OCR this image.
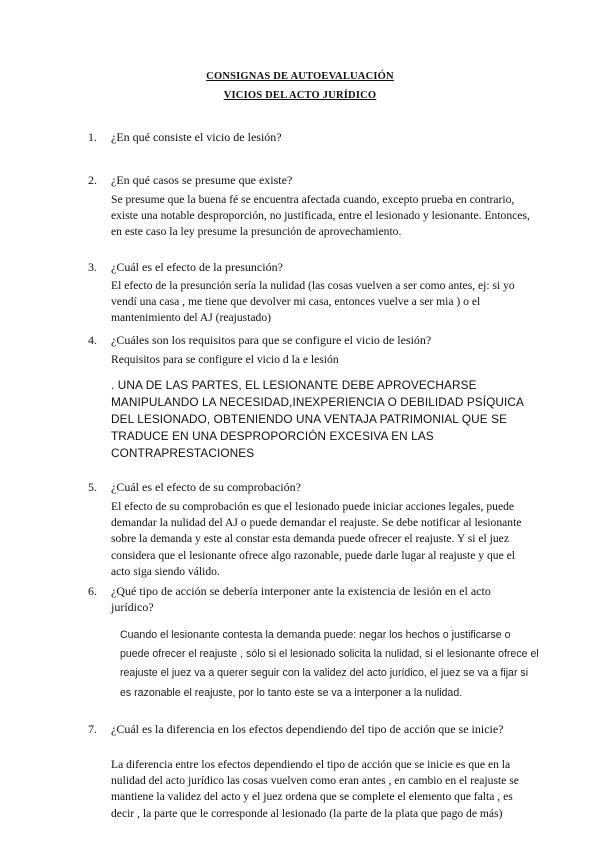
CONSIGNAS DE AUTOEVALUACIÓN
VICIOS DEL ACTO JURÍDICO
1.	¿En qué consiste el vicio de lesión?
2.	¿En qué casos se presume que existe?
Se presume que la buena fé se encuentra afectada cuando, excepto prueba en contrario, existe una notable desproporción, no justificada, entre el lesionado y lesionante. Entonces, en este caso la ley presume la presunción de aprovechamiento.
3.	¿Cuál es el efecto de la presunción?
El efecto de la presunción sería la nulidad (las cosas vuelven a ser como antes, ej: si yo vendí una casa , me tiene que devolver mi casa, entonces vuelve a ser mia ) o el mantenimiento del AJ (reajustado)
4.	¿Cuáles son los requisitos para que se configure el vicio de lesión?
Requisitos para se configure el vicio d la e lesión
. UNA DE LAS PARTES, EL LESIONANTE DEBE APROVECHARSE MANIPULANDO LA NECESIDAD,INEXPERIENCIA O DEBILIDAD PSÍQUICA DEL LESIONADO, OBTENIENDO UNA VENTAJA PATRIMONIAL QUE SE TRADUCE EN UNA DESPROPORCIÓN EXCESIVA EN LAS CONTRAPRESTACIONES
5.	¿Cuál es el efecto de su comprobación?
El efecto de su comprobación es que el lesionado puede iniciar acciones legales, puede demandar la nulidad del AJ o puede demandar el reajuste. Se debe notificar al lesionante sobre la demanda y este al constar esta demanda puede ofrecer el reajuste. Y si el juez considera que el lesionante ofrece algo razonable, puede darle lugar al reajuste y que el acto siga siendo válido.
6.	¿Qué tipo de acción se debería interponer ante la existencia de lesión en el acto jurídico?
Cuando el lesionante contesta la demanda puede: negar los hechos o justificarse o puede ofrecer el reajuste , sólo si el lesionado solicita la nulidad, si el lesionante ofrece el reajuste el juez va a querer seguir con la validez del acto jurídico, el juez se va a fijar si es razonable el reajuste, por lo tanto este se va a interponer a la nulidad.
7.	¿Cuál es la diferencia en los efectos dependiendo del tipo de acción que se inicie?
La diferencia entre los efectos dependiendo el tipo de acción que se inicie es que en la nulidad del acto jurídico las cosas vuelven como eran antes , en cambio en el reajuste se mantiene la validez del acto y el juez ordena que se complete el elemento que falta , es decir , la parte que le corresponde al lesionado (la parte de la plata que pago de más)
